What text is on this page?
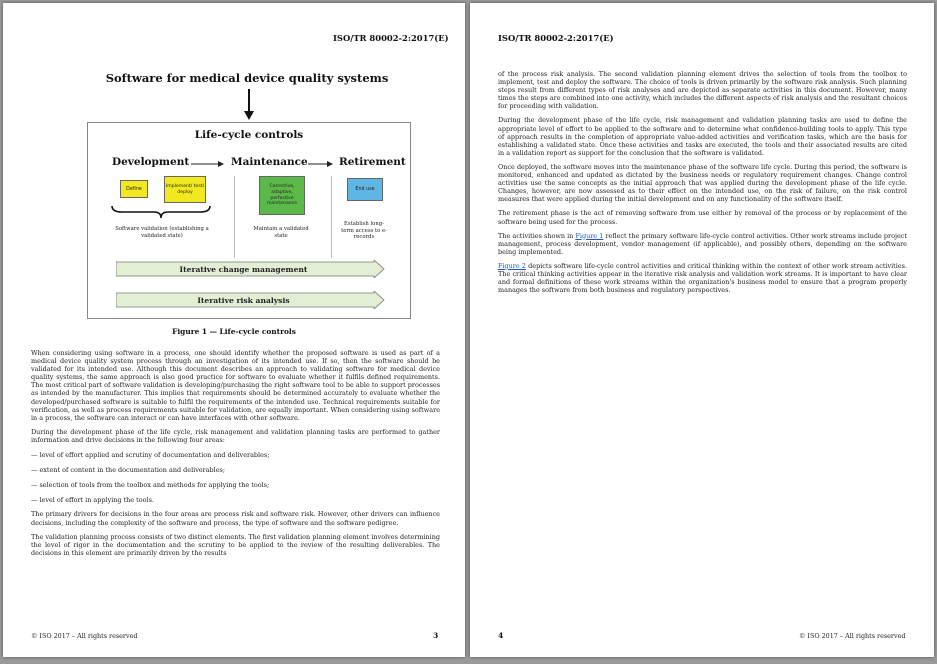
ISO/TR 80002-2:2017(E)
Software for medical device quality systems
Life-cycle controls
Development	Maintenance	Retirement
Define
Implement/ test/ deploy
Corrective, adaptive, perfective maintenance
End use
Software validation (establishing a validated state)
Maintain a validated state
Establish long-term access to e-records
Iterative change management
Iterative risk analysis
Figure 1 — Life-cycle controls

When considering using software in a process, one should identify whether the proposed software is used as part of a medical device quality system process through an investigation of its intended use. If so, then the software should be validated for its intended use. Although this document describes an approach to validating software for medical device quality systems, the same approach is also good practice for software to evaluate whether it fulfils defined requirements. The most critical part of software validation is developing/purchasing the right software tool to be able to support processes as intended by the manufacturer. This implies that requirements should be determined accurately to evaluate whether the developed/purchased software is suitable to fulfil the requirements of the intended use. Technical requirements suitable for verification, as well as process requirements suitable for validation, are equally important. When considering using software in a process, the software can interact or can have interfaces with other software.

During the development phase of the life cycle, risk management and validation planning tasks are performed to gather information and drive decisions in the following four areas:

— level of effort applied and scrutiny of documentation and deliverables;

— extent of content in the documentation and deliverables;

— selection of tools from the toolbox and methods for applying the tools;

— level of effort in applying the tools.

The primary drivers for decisions in the four areas are process risk and software risk. However, other drivers can influence decisions, including the complexity of the software and process, the type of software and the software pedigree.

The validation planning process consists of two distinct elements. The first validation planning element involves determining the level of rigor in the documentation and the scrutiny to be applied to the review of the resulting deliverables. The decisions in this element are primarily driven by the results

© ISO 2017 – All rights reserved	3
ISO/TR 80002-2:2017(E)

of the process risk analysis. The second validation planning element drives the selection of tools from the toolbox to implement, test and deploy the software. The choice of tools is driven primarily by the software risk analysis. Such planning steps result from different types of risk analyses and are depicted as separate activities in this document. However, many times the steps are combined into one activity, which includes the different aspects of risk analysis and the resultant choices for proceeding with validation.

During the development phase of the life cycle, risk management and validation planning tasks are used to define the appropriate level of effort to be applied to the software and to determine what confidence-building tools to apply. This type of approach results in the completion of appropriate value-added activities and verification tasks, which are the basis for establishing a validated state. Once these activities and tasks are executed, the tools and their associated results are cited in a validation report as support for the conclusion that the software is validated.

Once deployed, the software moves into the maintenance phase of the software life cycle. During this period, the software is monitored, enhanced and updated as dictated by the business needs or regulatory requirement changes. Change control activities use the same concepts as the initial approach that was applied during the development phase of the life cycle. Changes, however, are now assessed as to their effect on the intended use, on the risk of failure, on the risk control measures that were applied during the initial development and on any functionality of the software itself.

The retirement phase is the act of removing software from use either by removal of the process or by replacement of the software being used for the process.

The activities shown in Figure 1 reflect the primary software life-cycle control activities. Other work streams include project management, process development, vendor management (if applicable), and possibly others, depending on the software being implemented.

Figure 2 depicts software life-cycle control activities and critical thinking within the context of other work stream activities. The critical thinking activities appear in the iterative risk analysis and validation work streams. It is important to have clear and formal definitions of these work streams within the organization's business model to ensure that a program properly manages the software from both business and regulatory perspectives.

4	© ISO 2017 – All rights reserved
